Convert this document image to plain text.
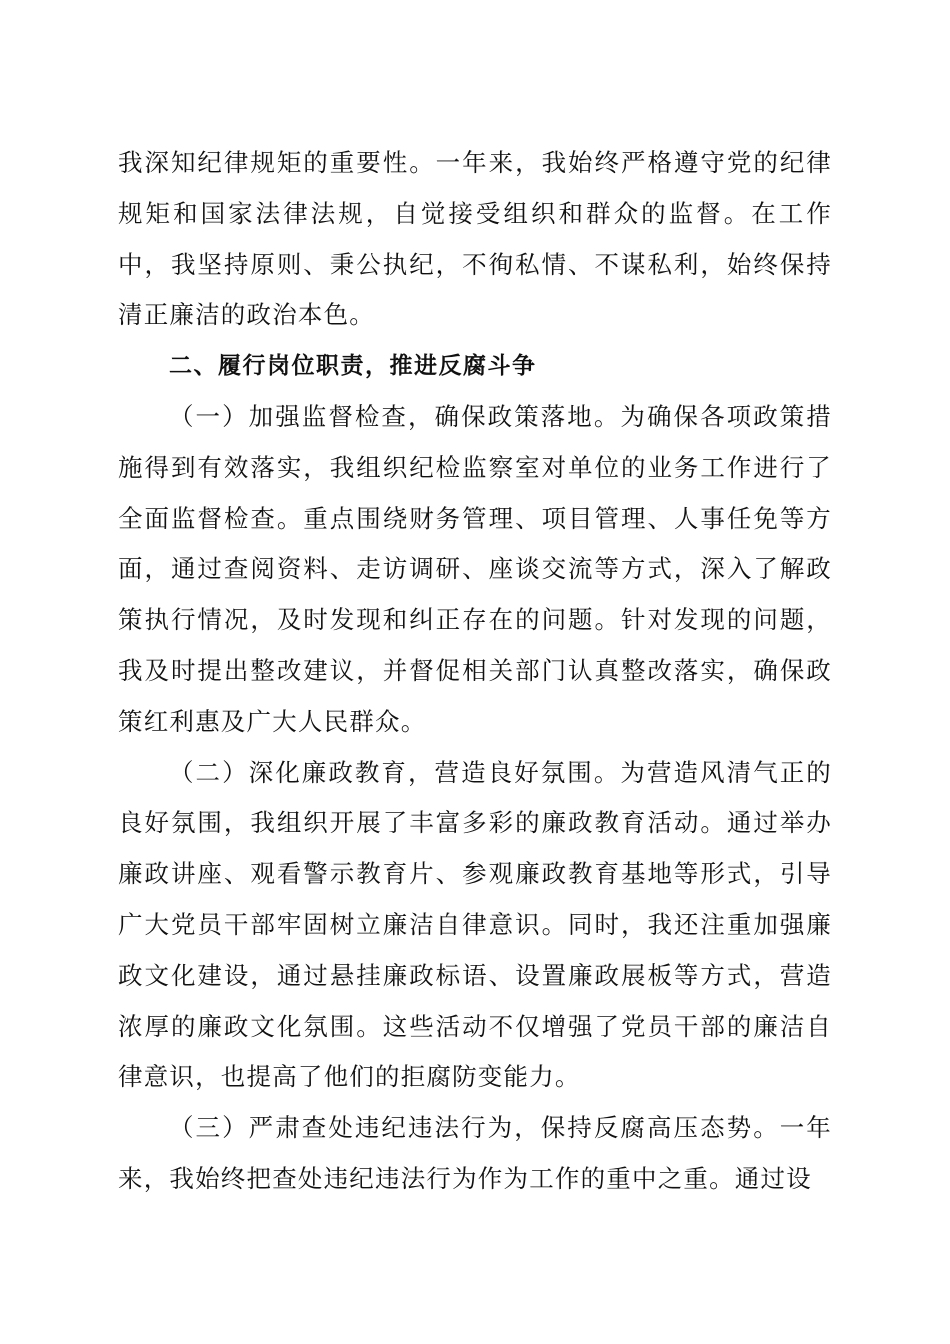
我深知纪律规矩的重要性。一年来，我始终严格遵守党的纪律规矩和国家法律法规，自觉接受组织和群众的监督。在工作中，我坚持原则、秉公执纪，不徇私情、不谋私利，始终保持清正廉洁的政治本色。

二、履行岗位职责，推进反腐斗争

（一）加强监督检查，确保政策落地。为确保各项政策措施得到有效落实，我组织纪检监察室对单位的业务工作进行了全面监督检查。重点围绕财务管理、项目管理、人事任免等方面，通过查阅资料、走访调研、座谈交流等方式，深入了解政策执行情况，及时发现和纠正存在的问题。针对发现的问题，我及时提出整改建议，并督促相关部门认真整改落实，确保政策红利惠及广大人民群众。

（二）深化廉政教育，营造良好氛围。为营造风清气正的良好氛围，我组织开展了丰富多彩的廉政教育活动。通过举办廉政讲座、观看警示教育片、参观廉政教育基地等形式，引导广大党员干部牢固树立廉洁自律意识。同时，我还注重加强廉政文化建设，通过悬挂廉政标语、设置廉政展板等方式，营造浓厚的廉政文化氛围。这些活动不仅增强了党员干部的廉洁自律意识，也提高了他们的拒腐防变能力。

（三）严肃查处违纪违法行为，保持反腐高压态势。一年来，我始终把查处违纪违法行为作为工作的重中之重。通过设
